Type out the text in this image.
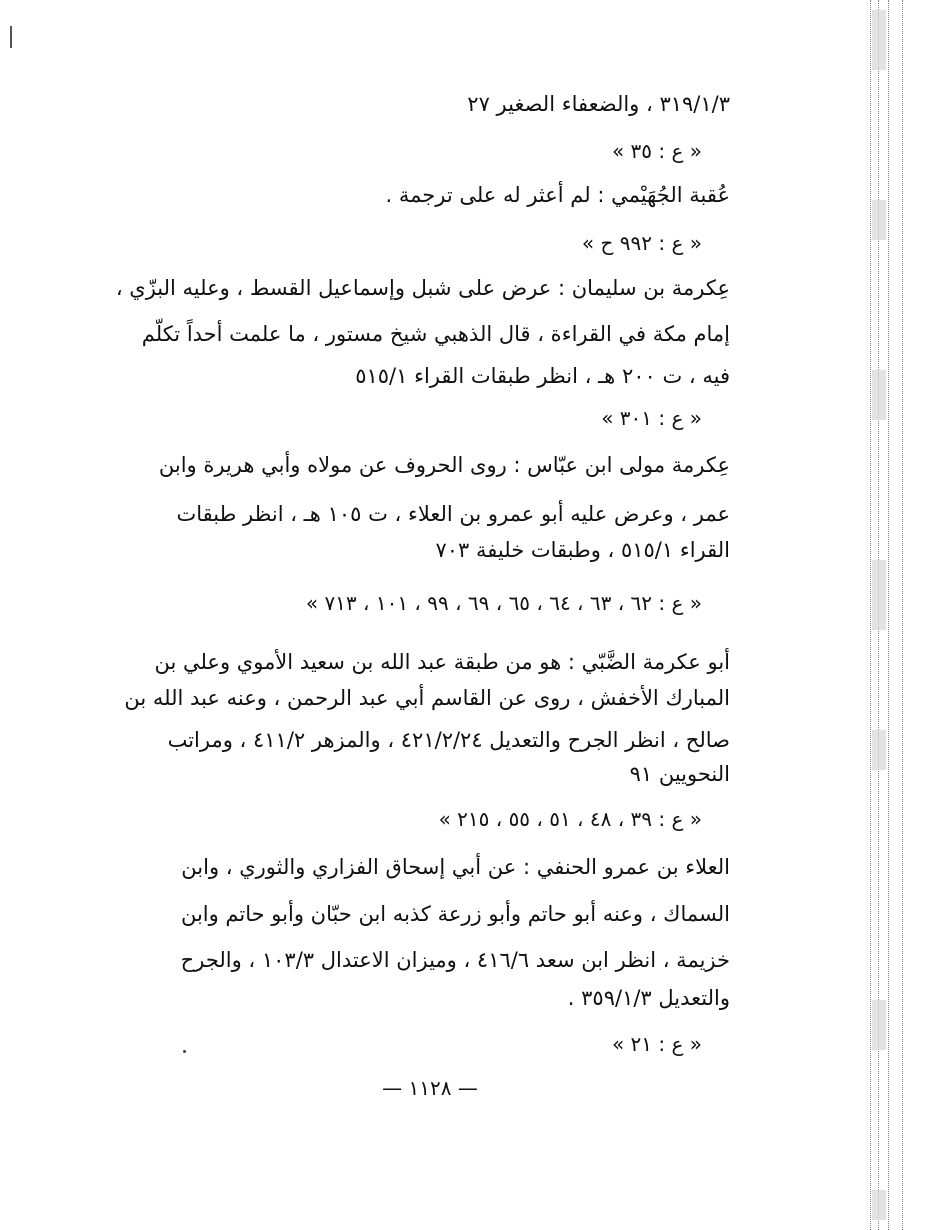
٣١٩/١/٣ ، والضعفاء الصغير ٢٧
« ع : ٣٥ »
عُقبة الجُهَيْمي : لم أعثر له على ترجمة .
« ع : ٩٩٢ ح »
عِكرمة بن سليمان : عرض على شبل وإسماعيل القسط ، وعليه البزّي ،
إمام مكة في القراءة ، قال الذهبي شيخ مستور ، ما علمت أحداً تكلّم
فيه ، ت ٢٠٠ هـ ، انظر طبقات القراء ٥١٥/١
« ع : ٣٠١ »
عِكرمة مولى ابن عبّاس : روى الحروف عن مولاه وأبي هريرة وابن
عمر ، وعرض عليه أبو عمرو بن العلاء ، ت ١٠٥ هـ ، انظر طبقات
القراء ٥١٥/١ ، وطبقات خليفة ٧٠٣
« ع : ٦٢ ، ٦٣ ، ٦٤ ، ٦٥ ، ٦٩ ، ٩٩ ، ١٠١ ، ٧١٣ »
أبو عكرمة الضَّبّي : هو من طبقة عبد الله بن سعيد الأموي وعلي بن
المبارك الأخفش ، روى عن القاسم أبي عبد الرحمن ، وعنه عبد الله بن
صالح ، انظر الجرح والتعديل ٤٢١/٢/٢٤ ، والمزهر ٤١١/٢ ، ومراتب
النحويين ٩١
« ع : ٣٩ ، ٤٨ ، ٥١ ، ٥٥ ، ٢١٥ »
العلاء بن عمرو الحنفي : عن أبي إسحاق الفزاري والثوري ، وابن
السماك ، وعنه أبو حاتم وأبو زرعة كذبه ابن حبّان وأبو حاتم وابن
خزيمة ، انظر ابن سعد ٤١٦/٦ ، وميزان الاعتدال ١٠٣/٣ ، والجرح
والتعديل ٣٥٩/١/٣ .
« ع : ٢١ »
— ١١٢٨ —
